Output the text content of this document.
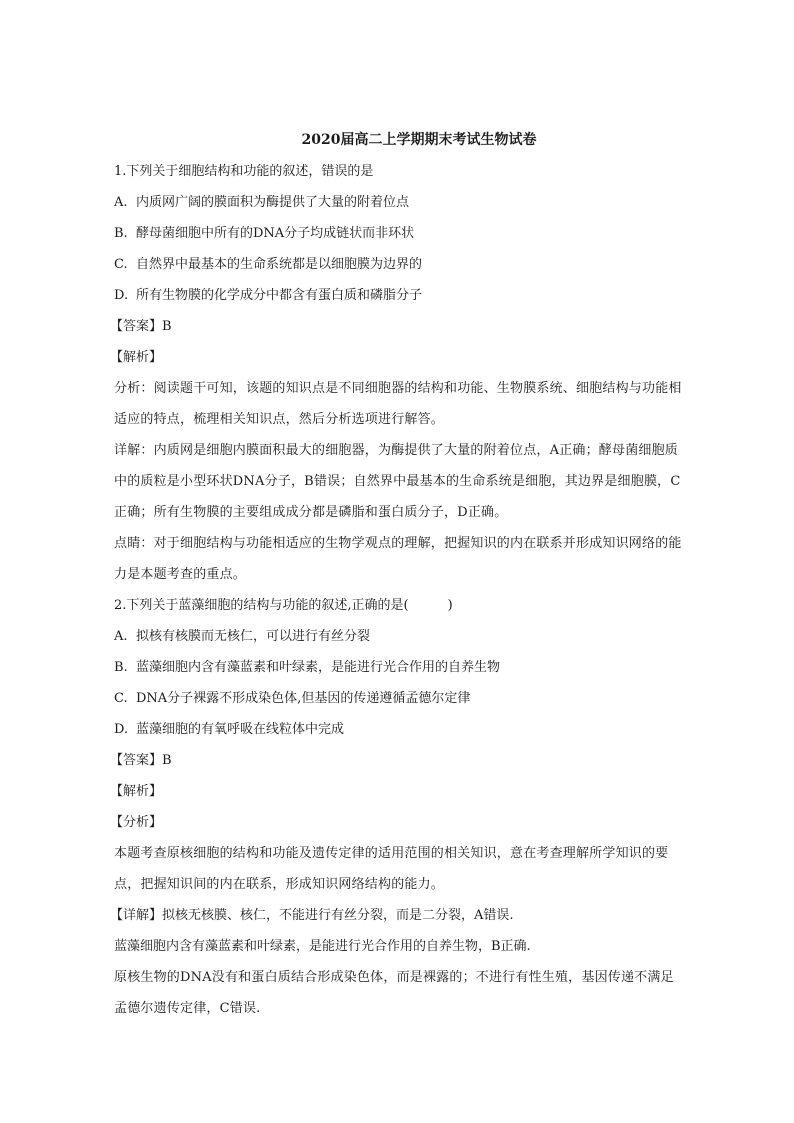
2020届高二上学期期末考试生物试卷

1.下列关于细胞结构和功能的叙述，错误的是

A. 内质网广阔的膜面积为酶提供了大量的附着位点

B. 酵母菌细胞中所有的DNA分子均成链状而非环状

C. 自然界中最基本的生命系统都是以细胞膜为边界的

D. 所有生物膜的化学成分中都含有蛋白质和磷脂分子

【答案】B

【解析】

分析：阅读题干可知，该题的知识点是不同细胞器的结构和功能、生物膜系统、细胞结构与功能相适应的特点，梳理相关知识点，然后分析选项进行解答。

详解：内质网是细胞内膜面积最大的细胞器，为酶提供了大量的附着位点，A正确；酵母菌细胞质中的质粒是小型环状DNA分子，B错误；自然界中最基本的生命系统是细胞，其边界是细胞膜，C正确；所有生物膜的主要组成成分都是磷脂和蛋白质分子，D正确。

点睛：对于细胞结构与功能相适应的生物学观点的理解，把握知识的内在联系并形成知识网络的能力是本题考查的重点。

2.下列关于蓝藻细胞的结构与功能的叙述,正确的是(　　　)

A. 拟核有核膜而无核仁，可以进行有丝分裂

B. 蓝藻细胞内含有藻蓝素和叶绿素，是能进行光合作用的自养生物

C. DNA分子裸露不形成染色体,但基因的传递遵循孟德尔定律

D. 蓝藻细胞的有氧呼吸在线粒体中完成

【答案】B

【解析】

【分析】

本题考查原核细胞的结构和功能及遗传定律的适用范围的相关知识，意在考查理解所学知识的要点，把握知识间的内在联系，形成知识网络结构的能力。

【详解】拟核无核膜、核仁，不能进行有丝分裂，而是二分裂，A错误.

蓝藻细胞内含有藻蓝素和叶绿素，是能进行光合作用的自养生物，B正确.

原核生物的DNA没有和蛋白质结合形成染色体，而是裸露的；不进行有性生殖，基因传递不满足孟德尔遗传定律，C错误.
